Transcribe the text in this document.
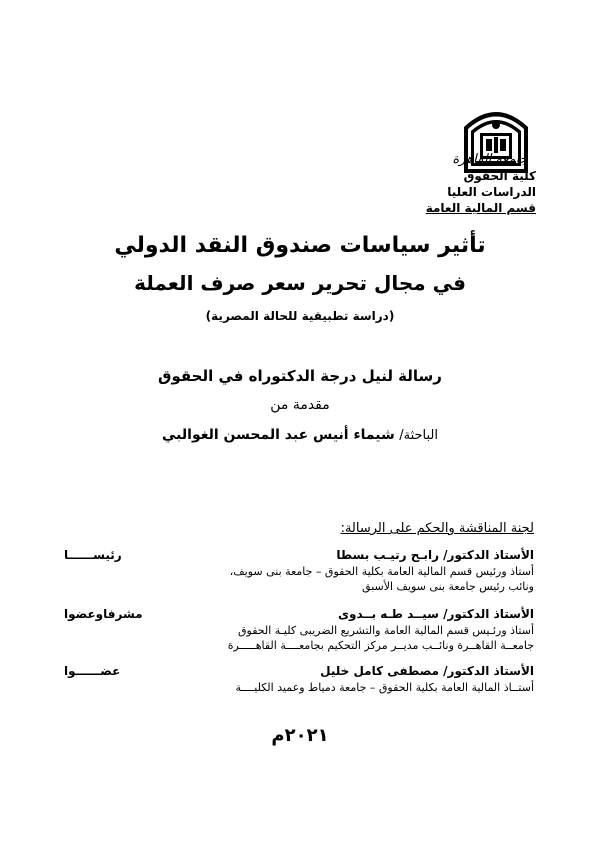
جامعة القاهرة
كلية الحقوق
الدراسات العليا
قسم المالية العامة
تأثير سياسات صندوق النقد الدولي
في مجال تحرير سعر صرف العملة
(دراسة تطبيقية للحالة المصرية)
رسالة لنيل درجة الدكتوراه في الحقوق
مقدمة من
الباحثة/ شيماء أنيس عبد المحسن الغوالبي
لجنة المناقشة والحكم على الرسالة:
الأستاذ الدكتور/ رابـح رتيـب بسطا
رئيســــــا
أستاذ ورئيس قسم المالية العامة بكلية الحقوق – جامعة بنى سويف،
ونائب رئيس جامعة بنى سويف الأسبق
الأستاذ الدكتور/ سيــد طـه بــدوى
مشرفاوعضوا
أستاذ ورئـيس قسم المالية العامة والتشريع الضريبى كليـة الحقوق
جامعــة القاهــرة ونائــب مديــر مركز التحكيم بجامعــــة القاهـــــرة
الأستاذ الدكتور/ مصطفى كامل خليل
عضــــــوا
أستــاذ المالية العامة بكلية الحقوق – جامعة دمياط وعميد الكليــــة
٢٠٢١م
